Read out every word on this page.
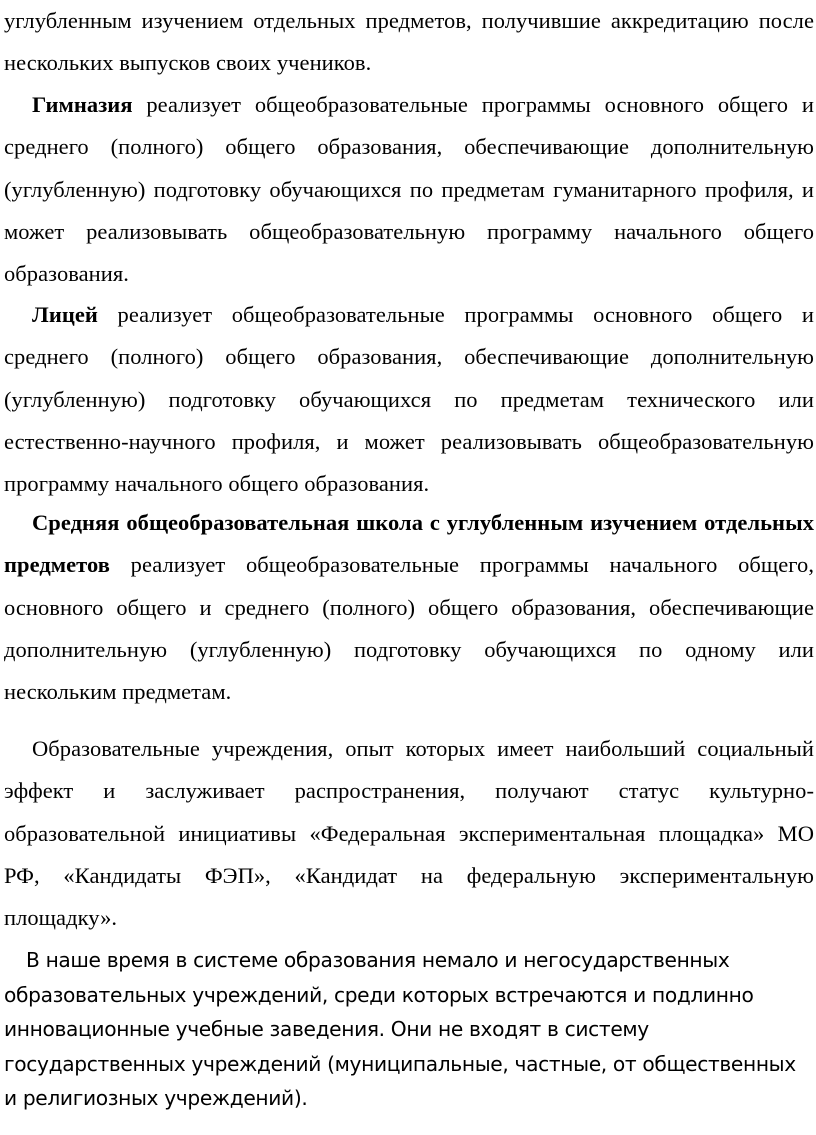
углубленным изучением отдельных предметов, получившие аккредитацию после нескольких выпусков своих учеников.

Гимназия реализует общеобразовательные программы основного общего и среднего (полного) общего образования, обеспечивающие дополнительную (углубленную) подготовку обучающихся по предметам гуманитарного профиля, и может реализовывать общеобразовательную программу начального общего образования.

Лицей реализует общеобразовательные программы основного общего и среднего (полного) общего образования, обеспечивающие дополнительную (углубленную) подготовку обучающихся по предметам технического или естественно-научного профиля, и может реализовывать общеобразовательную программу начального общего образования.

Средняя общеобразовательная школа с углубленным изучением отдельных предметов реализует общеобразовательные программы начального общего, основного общего и среднего (полного) общего образования, обеспечивающие дополнительную (углубленную) подготовку обучающихся по одному или нескольким предметам.

Образовательные учреждения, опыт которых имеет наибольший социальный эффект и заслуживает распространения, получают статус культурно-образовательной инициативы «Федеральная экспериментальная площадка» МО РФ, «Кандидаты ФЭП», «Кандидат на федеральную экспериментальную площадку».

В наше время в системе образования немало и негосударственных образовательных учреждений, среди которых встречаются и подлинно инновационные учебные заведения. Они не входят в систему государственных учреждений (муниципальные, частные, от общественных и религиозных учреждений).
